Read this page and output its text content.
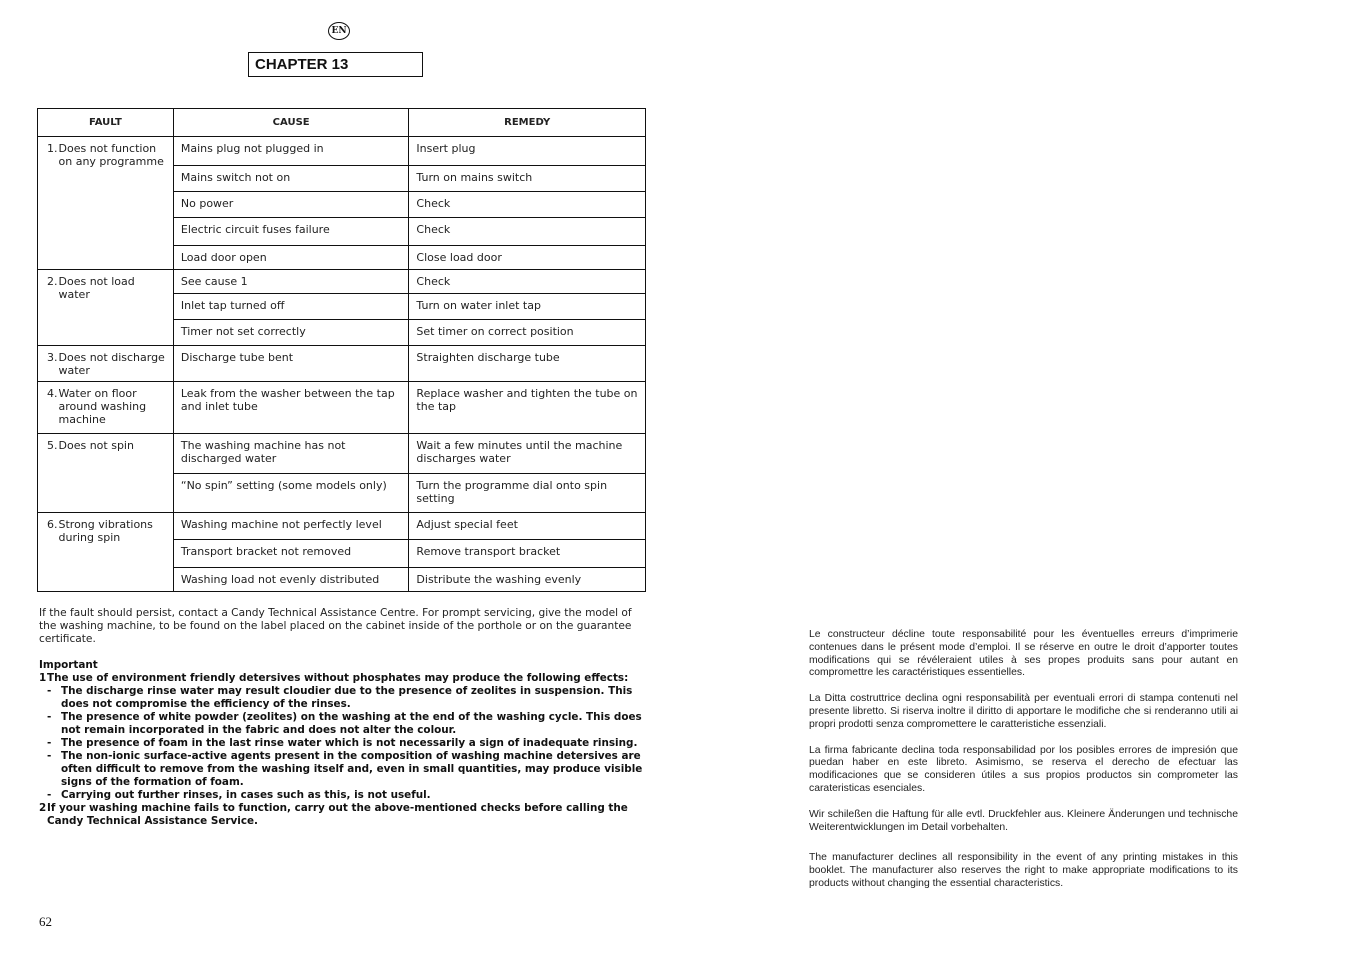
EN
CHAPTER 13
FAULT	CAUSE	REMEDY

1. Does not function on any programme	Mains plug not plugged in	Insert plug
	Mains switch not on	Turn on mains switch
	No power	Check
	Electric circuit fuses failure	Check
	Load door open	Close load door

2. Does not load water	See cause 1	Check
	Inlet tap turned off	Turn on water inlet tap
	Timer not set correctly	Set timer on correct position

3. Does not discharge water	Discharge tube bent	Straighten discharge tube

4. Water on floor around washing machine	Leak from the washer between the tap and inlet tube	Replace washer and tighten the tube on the tap

5. Does not spin	The washing machine has not discharged water	Wait a few minutes until the machine discharges water
	“No spin” setting (some models only)	Turn the programme dial onto spin setting

6. Strong vibrations during spin	Washing machine not perfectly level	Adjust special feet
	Transport bracket not removed	Remove transport bracket
	Washing load not evenly distributed	Distribute the washing evenly
If the fault should persist, contact a Candy Technical Assistance Centre. For prompt servicing, give the model of the washing machine, to be found on the label placed on the cabinet inside of the porthole or on the guarantee certificate.

Important

1 The use of environment friendly detersives without phosphates may produce the following effects:
- The discharge rinse water may result cloudier due to the presence of zeolites in suspension. This does not compromise the efficiency of the rinses.
- The presence of white powder (zeolites) on the washing at the end of the washing cycle. This does not remain incorporated in the fabric and does not alter the colour.
- The presence of foam in the last rinse water which is not necessarily a sign of inadequate rinsing.
- The non-ionic surface-active agents present in the composition of washing machine detersives are often difficult to remove from the washing itself and, even in small quantities, may produce visible signs of the formation of foam.
- Carrying out further rinses, in cases such as this, is not useful.
2 If your washing machine fails to function, carry out the above-mentioned checks before calling the Candy Technical Assistance Service.
62

Le constructeur décline toute responsabilité pour les éventuelles erreurs d’imprimerie contenues dans le présent mode d’emploi. Il se réserve en outre le droit d’apporter toutes modifications qui se révéleraient utiles à ses propes produits sans pour autant en compromettre les caractéristiques essentielles.

La Ditta costruttrice declina ogni responsabilità per eventuali errori di stampa contenuti nel presente libretto. Si riserva inoltre il diritto di apportare le modifiche che si renderanno utili ai propri prodotti senza compromettere le caratteristiche essenziali.

La firma fabricante declina toda responsabilidad por los posibles errores de impresión que puedan haber en este libreto. Asimismo, se reserva el derecho de efectuar las modificaciones que se consideren útiles a sus propios productos sin comprometer las carateristicas esenciales.

Wir schileßen die Haftung für alle evtl. Druckfehler aus. Kleinere Änderungen und technische Weiterentwicklungen im Detail vorbehalten.

The manufacturer declines all responsibility in the event of any printing mistakes in this booklet. The manufacturer also reserves the right to make appropriate modifications to its products without changing the essential characteristics.
